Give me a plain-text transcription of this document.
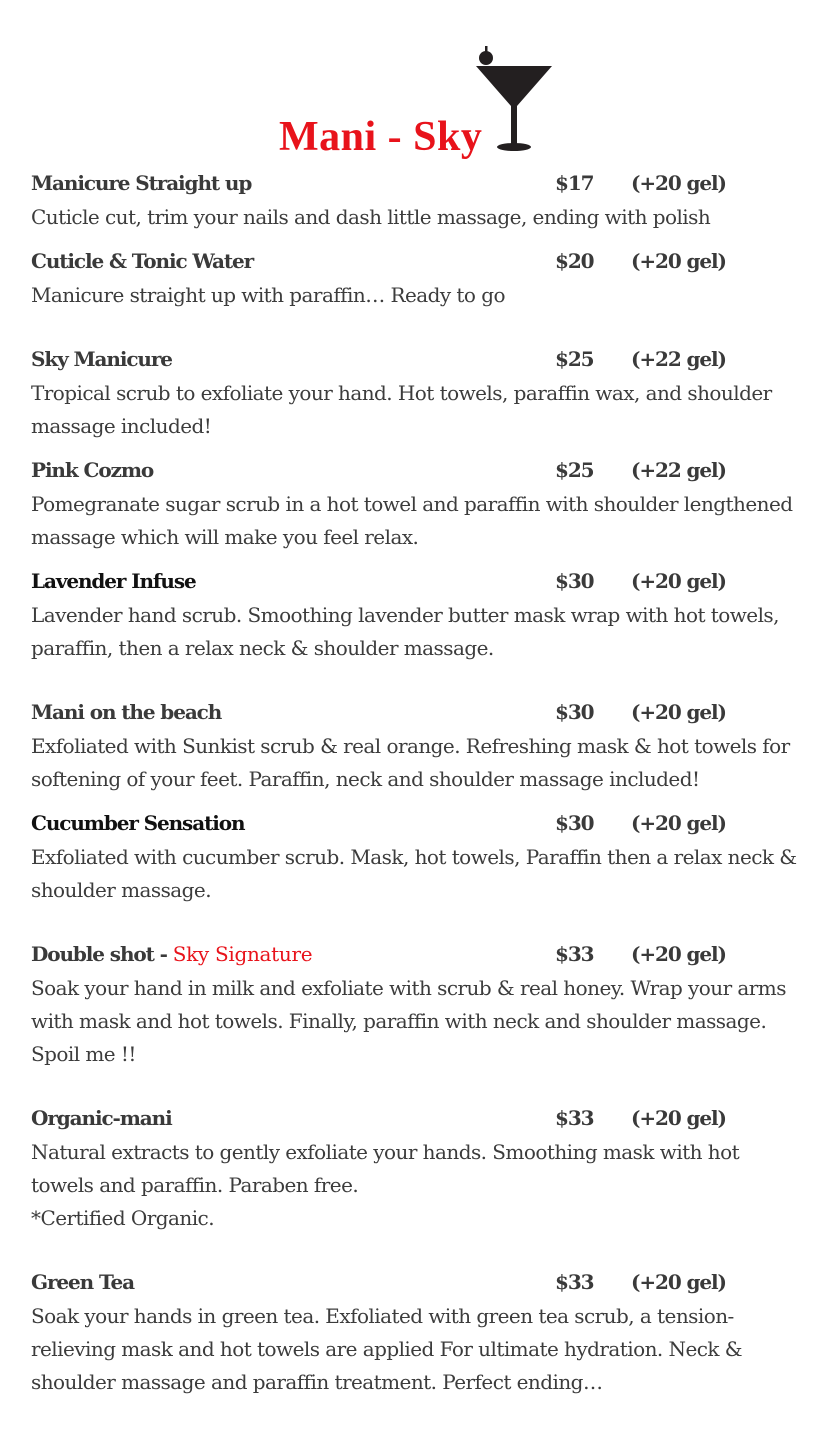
Mani - Sky
Manicure Straight up	$17 (+20 gel)
Cuticle cut, trim your nails and dash little massage, ending with polish
Cuticle & Tonic Water	$20 (+20 gel)
Manicure straight up with paraffin… Ready to go
Sky Manicure	$25 (+22 gel)
Tropical scrub to exfoliate your hand. Hot towels, paraffin wax, and shoulder massage included!
Pink Cozmo	$25 (+22 gel)
Pomegranate sugar scrub in a hot towel and paraffin with shoulder lengthened massage which will make you feel relax.
Lavender Infuse	$30 (+20 gel)
Lavender hand scrub. Smoothing lavender butter mask wrap with hot towels, paraffin, then a relax neck & shoulder massage.
Mani on the beach	$30 (+20 gel)
Exfoliated with Sunkist scrub & real orange. Refreshing mask & hot towels for softening of your feet. Paraffin, neck and shoulder massage included!
Cucumber Sensation	$30 (+20 gel)
Exfoliated with cucumber scrub. Mask, hot towels, Paraffin then a relax neck & shoulder massage.
Double shot - Sky Signature	$33 (+20 gel)
Soak your hand in milk and exfoliate with scrub & real honey. Wrap your arms with mask and hot towels. Finally, paraffin with neck and shoulder massage. Spoil me !!
Organic-mani	$33 (+20 gel)
Natural extracts to gently exfoliate your hands. Smoothing mask with hot towels and paraffin. Paraben free.
*Certified Organic.
Green Tea	$33 (+20 gel)
Soak your hands in green tea. Exfoliated with green tea scrub, a tension-relieving mask and hot towels are applied For ultimate hydration. Neck & shoulder massage and paraffin treatment. Perfect ending…
